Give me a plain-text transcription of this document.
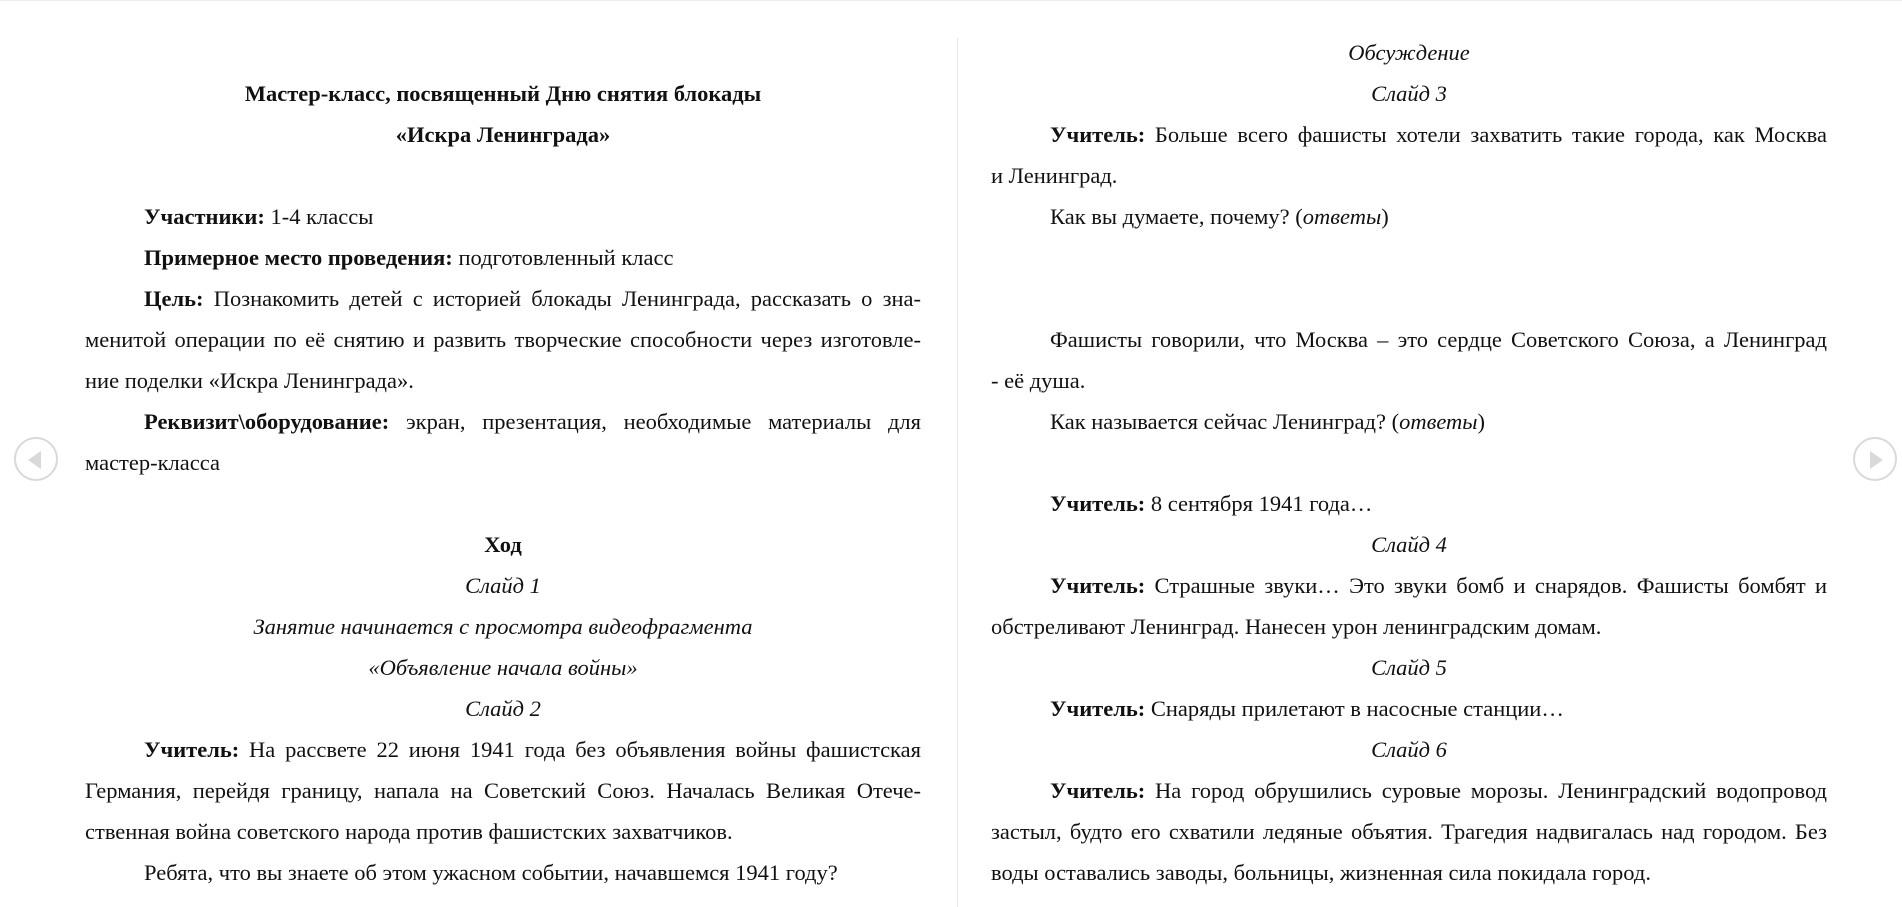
Мастер-класс, посвященный Дню снятия блокады
«Искра Ленинграда»
Участники: 1-4 классы
Примерное место проведения: подготовленный класс
Цель: Познакомить детей с историей блокады Ленинграда, рассказать о зна-
менитой операции по её снятию и развить творческие способности через изготовле-
ние поделки «Искра Ленинграда».
Реквизит\оборудование: экран, презентация, необходимые материалы для
мастер-класса
Ход
Слайд 1
Занятие начинается с просмотра видеофрагмента
«Объявление начала войны»
Слайд 2
Учитель: На рассвете 22 июня 1941 года без объявления войны фашистская
Германия, перейдя границу, напала на Советский Союз. Началась Великая Отече-
ственная война советского народа против фашистских захватчиков.
Ребята, что вы знаете об этом ужасном событии, начавшемся 1941 году?
Обсуждение
Слайд 3
Учитель: Больше всего фашисты хотели захватить такие города, как Москва
и Ленинград.
Как вы думаете, почему? (ответы)
Фашисты говорили, что Москва – это сердце Советского Союза, а Ленинград
- её душа.
Как называется сейчас Ленинград? (ответы)
Учитель: 8 сентября 1941 года…
Слайд 4
Учитель: Страшные звуки… Это звуки бомб и снарядов. Фашисты бомбят и
обстреливают Ленинград. Нанесен урон ленинградским домам.
Слайд 5
Учитель: Снаряды прилетают в насосные станции…
Слайд 6
Учитель: На город обрушились суровые морозы. Ленинградский водопровод
застыл, будто его схватили ледяные объятия. Трагедия надвигалась над городом. Без
воды оставались заводы, больницы, жизненная сила покидала город.
